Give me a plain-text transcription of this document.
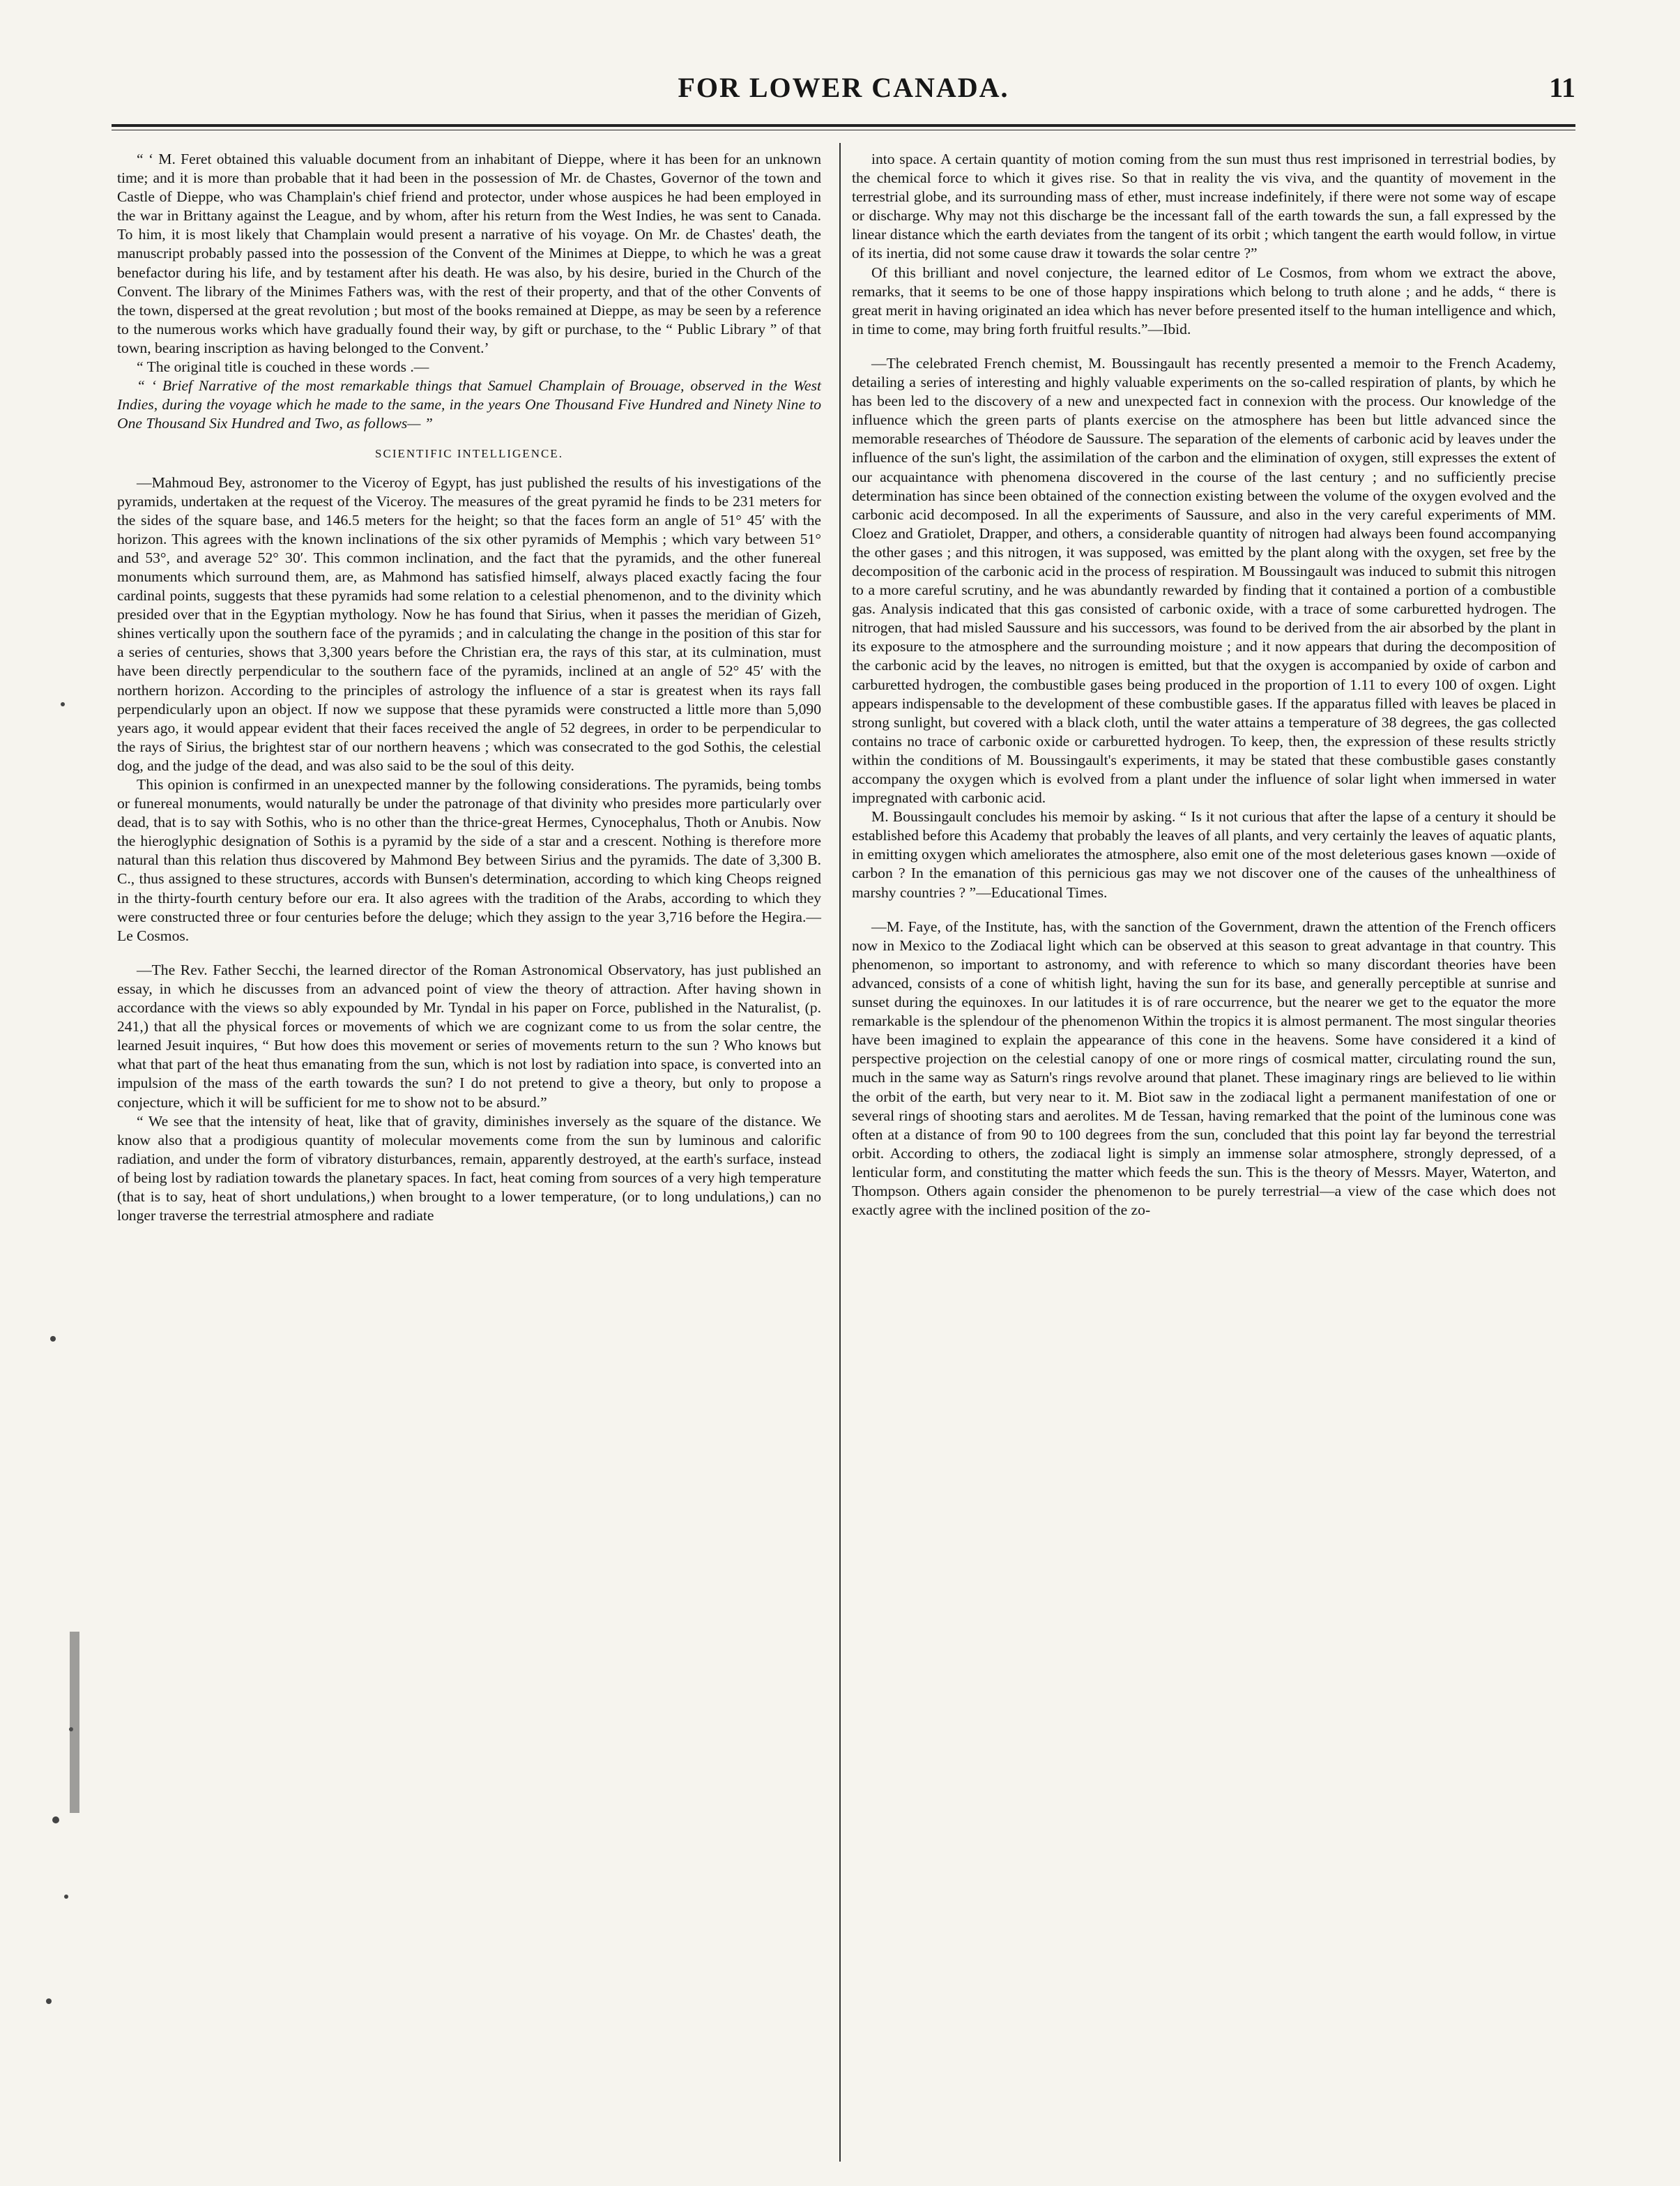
FOR LOWER CANADA.	11

“ ‘ M. Feret obtained this valuable document from an inhabitant of Dieppe, where it has been for an unknown time; and it is more than probable that it had been in the possession of Mr. de Chastes, Governor of the town and Castle of Dieppe, who was Champlain's chief friend and protector, under whose auspices he had been employed in the war in Brittany against the League, and by whom, after his return from the West Indies, he was sent to Canada. To him, it is most likely that Champlain would present a narrative of his voyage. On Mr. de Chastes' death, the manuscript probably passed into the possession of the Convent of the Minimes at Dieppe, to which he was a great benefactor during his life, and by testament after his death. He was also, by his desire, buried in the Church of the Convent. The library of the Minimes Fathers was, with the rest of their property, and that of the other Convents of the town, dispersed at the great revolution ; but most of the books remained at Dieppe, as may be seen by a reference to the numerous works which have gradually found their way, by gift or purchase, to the “ Public Library ” of that town, bearing inscription as having belonged to the Convent.’

“ The original title is couched in these words .—

“ ‘ Brief Narrative of the most remarkable things that Samuel Champlain of Brouage, observed in the West Indies, during the voyage which he made to the same, in the years One Thousand Five Hundred and Ninety Nine to One Thousand Six Hundred and Two, as follows— ”

SCIENTIFIC INTELLIGENCE.

—Mahmoud Bey, astronomer to the Viceroy of Egypt, has just published the results of his investigations of the pyramids, undertaken at the request of the Viceroy. The measures of the great pyramid he finds to be 231 meters for the sides of the square base, and 146.5 meters for the height; so that the faces form an angle of 51° 45′ with the horizon. This agrees with the known inclinations of the six other pyramids of Memphis ; which vary between 51° and 53°, and average 52° 30′. This common inclination, and the fact that the pyramids, and the other funereal monuments which surround them, are, as Mahmond has satisfied himself, always placed exactly facing the four cardinal points, suggests that these pyramids had some relation to a celestial phenomenon, and to the divinity which presided over that in the Egyptian mythology. Now he has found that Sirius, when it passes the meridian of Gizeh, shines vertically upon the southern face of the pyramids ; and in calculating the change in the position of this star for a series of centuries, shows that 3,300 years before the Christian era, the rays of this star, at its culmination, must have been directly perpendicular to the southern face of the pyramids, inclined at an angle of 52° 45′ with the northern horizon. According to the principles of astrology the influence of a star is greatest when its rays fall perpendicularly upon an object. If now we suppose that these pyramids were constructed a little more than 5,090 years ago, it would appear evident that their faces received the angle of 52 degrees, in order to be perpendicular to the rays of Sirius, the brightest star of our northern heavens ; which was consecrated to the god Sothis, the celestial dog, and the judge of the dead, and was also said to be the soul of this deity.

This opinion is confirmed in an unexpected manner by the following considerations. The pyramids, being tombs or funereal monuments, would naturally be under the patronage of that divinity who presides more particularly over dead, that is to say with Sothis, who is no other than the thrice-great Hermes, Cynocephalus, Thoth or Anubis. Now the hieroglyphic designation of Sothis is a pyramid by the side of a star and a crescent. Nothing is therefore more natural than this relation thus discovered by Mahmond Bey between Sirius and the pyramids. The date of 3,300 B. C., thus assigned to these structures, accords with Bunsen's determination, according to which king Cheops reigned in the thirty-fourth century before our era. It also agrees with the tradition of the Arabs, according to which they were constructed three or four centuries before the deluge; which they assign to the year 3,716 before the Hegira.—Le Cosmos.

—The Rev. Father Secchi, the learned director of the Roman Astronomical Observatory, has just published an essay, in which he discusses from an advanced point of view the theory of attraction. After having shown in accordance with the views so ably expounded by Mr. Tyndal in his paper on Force, published in the Naturalist, (p. 241,) that all the physical forces or movements of which we are cognizant come to us from the solar centre, the learned Jesuit inquires, “ But how does this movement or series of movements return to the sun ? Who knows but what that part of the heat thus emanating from the sun, which is not lost by radiation into space, is converted into an impulsion of the mass of the earth towards the sun? I do not pretend to give a theory, but only to propose a conjecture, which it will be sufficient for me to show not to be absurd.”

“ We see that the intensity of heat, like that of gravity, diminishes inversely as the square of the distance. We know also that a prodigious quantity of molecular movements come from the sun by luminous and calorific radiation, and under the form of vibratory disturbances, remain, apparently destroyed, at the earth's surface, instead of being lost by radiation towards the planetary spaces. In fact, heat coming from sources of a very high temperature (that is to say, heat of short undulations,) when brought to a lower temperature, (or to long undulations,) can no longer traverse the terrestrial atmosphere and radiate

into space. A certain quantity of motion coming from the sun must thus rest imprisoned in terrestrial bodies, by the chemical force to which it gives rise. So that in reality the vis viva, and the quantity of movement in the terrestrial globe, and its surrounding mass of ether, must increase indefinitely, if there were not some way of escape or discharge. Why may not this discharge be the incessant fall of the earth towards the sun, a fall expressed by the linear distance which the earth deviates from the tangent of its orbit ; which tangent the earth would follow, in virtue of its inertia, did not some cause draw it towards the solar centre ?”

Of this brilliant and novel conjecture, the learned editor of Le Cosmos, from whom we extract the above, remarks, that it seems to be one of those happy inspirations which belong to truth alone ; and he adds, “ there is great merit in having originated an idea which has never before presented itself to the human intelligence and which, in time to come, may bring forth fruitful results.”—Ibid.

—The celebrated French chemist, M. Boussingault has recently presented a memoir to the French Academy, detailing a series of interesting and highly valuable experiments on the so-called respiration of plants, by which he has been led to the discovery of a new and unexpected fact in connexion with the process. Our knowledge of the influence which the green parts of plants exercise on the atmosphere has been but little advanced since the memorable researches of Théodore de Saussure. The separation of the elements of carbonic acid by leaves under the influence of the sun's light, the assimilation of the carbon and the elimination of oxygen, still expresses the extent of our acquaintance with phenomena discovered in the course of the last century ; and no sufficiently precise determination has since been obtained of the connection existing between the volume of the oxygen evolved and the carbonic acid decomposed. In all the experiments of Saussure, and also in the very careful experiments of MM. Cloez and Gratiolet, Drapper, and others, a considerable quantity of nitrogen had always been found accompanying the other gases ; and this nitrogen, it was supposed, was emitted by the plant along with the oxygen, set free by the decomposition of the carbonic acid in the process of respiration. M Boussingault was induced to submit this nitrogen to a more careful scrutiny, and he was abundantly rewarded by finding that it contained a portion of a combustible gas. Analysis indicated that this gas consisted of carbonic oxide, with a trace of some carburetted hydrogen. The nitrogen, that had misled Saussure and his successors, was found to be derived from the air absorbed by the plant in its exposure to the atmosphere and the surrounding moisture ; and it now appears that during the decomposition of the carbonic acid by the leaves, no nitrogen is emitted, but that the oxygen is accompanied by oxide of carbon and carburetted hydrogen, the combustible gases being produced in the proportion of 1.11 to every 100 of oxgen. Light appears indispensable to the development of these combustible gases. If the apparatus filled with leaves be placed in strong sunlight, but covered with a black cloth, until the water attains a temperature of 38 degrees, the gas collected contains no trace of carbonic oxide or carburetted hydrogen. To keep, then, the expression of these results strictly within the conditions of M. Boussingault's experiments, it may be stated that these combustible gases constantly accompany the oxygen which is evolved from a plant under the influence of solar light when immersed in water impregnated with carbonic acid.

M. Boussingault concludes his memoir by asking. “ Is it not curious that after the lapse of a century it should be established before this Academy that probably the leaves of all plants, and very certainly the leaves of aquatic plants, in emitting oxygen which ameliorates the atmosphere, also emit one of the most deleterious gases known —oxide of carbon ? In the emanation of this pernicious gas may we not discover one of the causes of the unhealthiness of marshy countries ? ”—Educational Times.

—M. Faye, of the Institute, has, with the sanction of the Government, drawn the attention of the French officers now in Mexico to the Zodiacal light which can be observed at this season to great advantage in that country. This phenomenon, so important to astronomy, and with reference to which so many discordant theories have been advanced, consists of a cone of whitish light, having the sun for its base, and generally perceptible at sunrise and sunset during the equinoxes. In our latitudes it is of rare occurrence, but the nearer we get to the equator the more remarkable is the splendour of the phenomenon Within the tropics it is almost permanent. The most singular theories have been imagined to explain the appearance of this cone in the heavens. Some have considered it a kind of perspective projection on the celestial canopy of one or more rings of cosmical matter, circulating round the sun, much in the same way as Saturn's rings revolve around that planet. These imaginary rings are believed to lie within the orbit of the earth, but very near to it. M. Biot saw in the zodiacal light a permanent manifestation of one or several rings of shooting stars and aerolites. M de Tessan, having remarked that the point of the luminous cone was often at a distance of from 90 to 100 degrees from the sun, concluded that this point lay far beyond the terrestrial orbit. According to others, the zodiacal light is simply an immense solar atmosphere, strongly depressed, of a lenticular form, and constituting the matter which feeds the sun. This is the theory of Messrs. Mayer, Waterton, and Thompson. Others again consider the phenomenon to be purely terrestrial—a view of the case which does not exactly agree with the inclined position of the zo-
